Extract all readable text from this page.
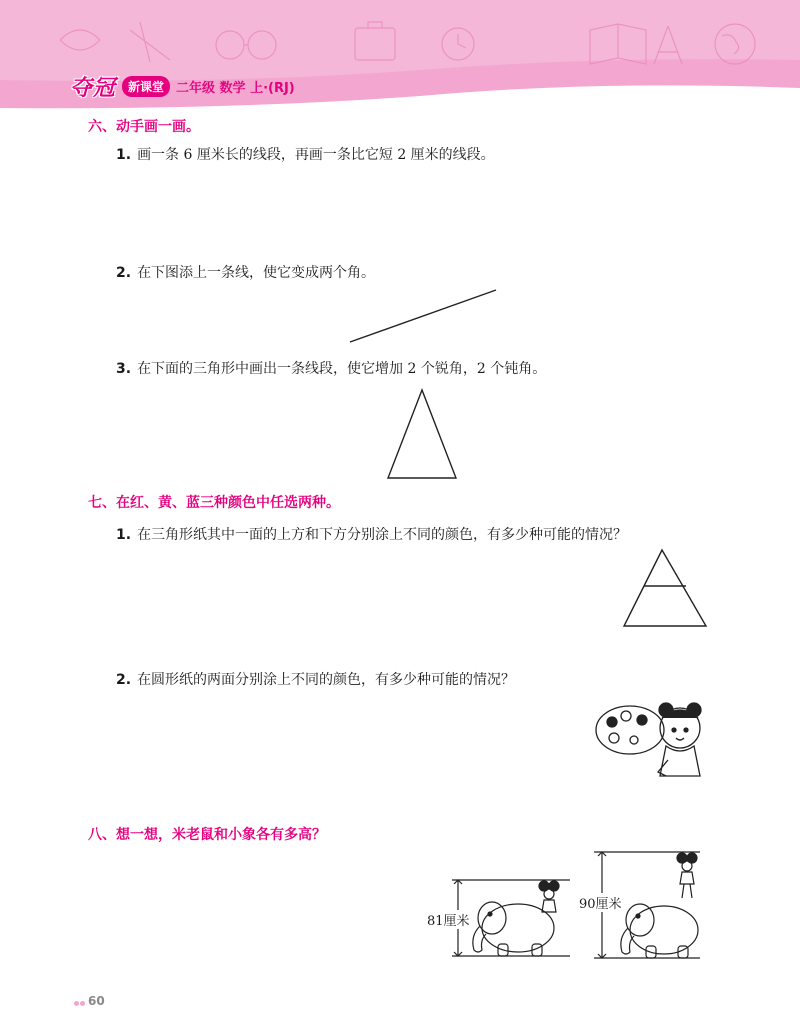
夺冠	新课堂 二年级 数学 上·(RJ)
六、动手画一画。
1. 画一条 6 厘米长的线段，再画一条比它短 2 厘米的线段。
2. 在下图添上一条线，使它变成两个角。
3. 在下面的三角形中画出一条线段，使它增加 2 个锐角，2 个钝角。
七、在红、黄、蓝三种颜色中任选两种。
1. 在三角形纸其中一面的上方和下方分别涂上不同的颜色，有多少种可能的情况？
2. 在圆形纸的两面分别涂上不同的颜色，有多少种可能的情况？
八、想一想，米老鼠和小象各有多高？
81厘米
90厘米
60
